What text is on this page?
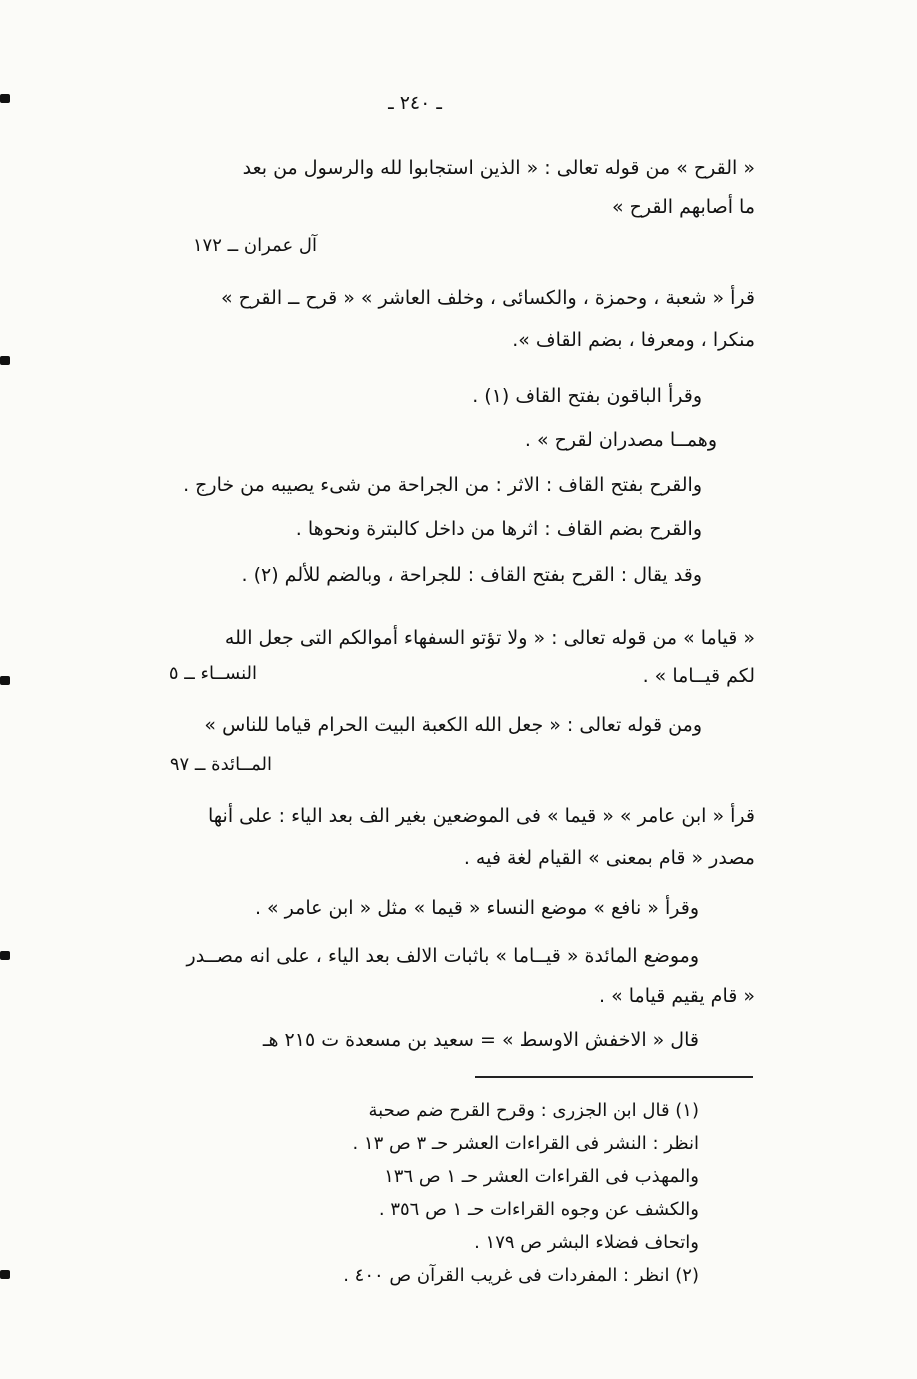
ـ ٢٤٠ ـ
« القرح » من قوله تعالى : « الذين استجابوا لله والرسول من بعد
ما أصابهم القرح »
آل عمران ــ ١٧٢
قرأ « شعبة ، وحمزة ، والكسائى ، وخلف العاشر » « قرح ــ القرح »
منكرا ، ومعرفا ، بضم القاف ».
وقرأ الباقون بفتح القاف (١) .
وهمــا مصدران لقرح » .
والقرح بفتح القاف : الاثر : من الجراحة من شىء يصيبه من خارج .
والقرح بضم القاف : اثرها من داخل كالبترة ونحوها .
وقد يقال : القرح بفتح القاف : للجراحة ، وبالضم للألم (٢) .
« قياما » من قوله تعالى : « ولا تؤتو السفهاء أموالكم التى جعل الله
لكم قيــاما » .
النســاء ــ ٥
ومن قوله تعالى : « جعل الله الكعبة البيت الحرام قياما للناس »
المــائدة ــ ٩٧
قرأ « ابن عامر » « قيما » فى الموضعين بغير الف بعد الياء : على أنها
مصدر « قام بمعنى » القيام لغة فيه .
وقرأ « نافع » موضع النساء « قيما » مثل « ابن عامر » .
وموضع المائدة « قيــاما » باثبات الالف بعد الياء ، على انه مصــدر
« قام يقيم قياما » .
قال « الاخفش الاوسط » = سعيد بن مسعدة ت ٢١٥ هـ
(١) قال ابن الجزرى : وقرح القرح ضم صحبة
انظر : النشر فى القراءات العشر حـ ٣ ص ١٣ .
والمهذب فى القراءات العشر حـ ١ ص ١٣٦
والكشف عن وجوه القراءات حـ ١ ص ٣٥٦ .
واتحاف فضلاء البشر ص ١٧٩ .
(٢) انظر : المفردات فى غريب القرآن ص ٤٠٠ .
